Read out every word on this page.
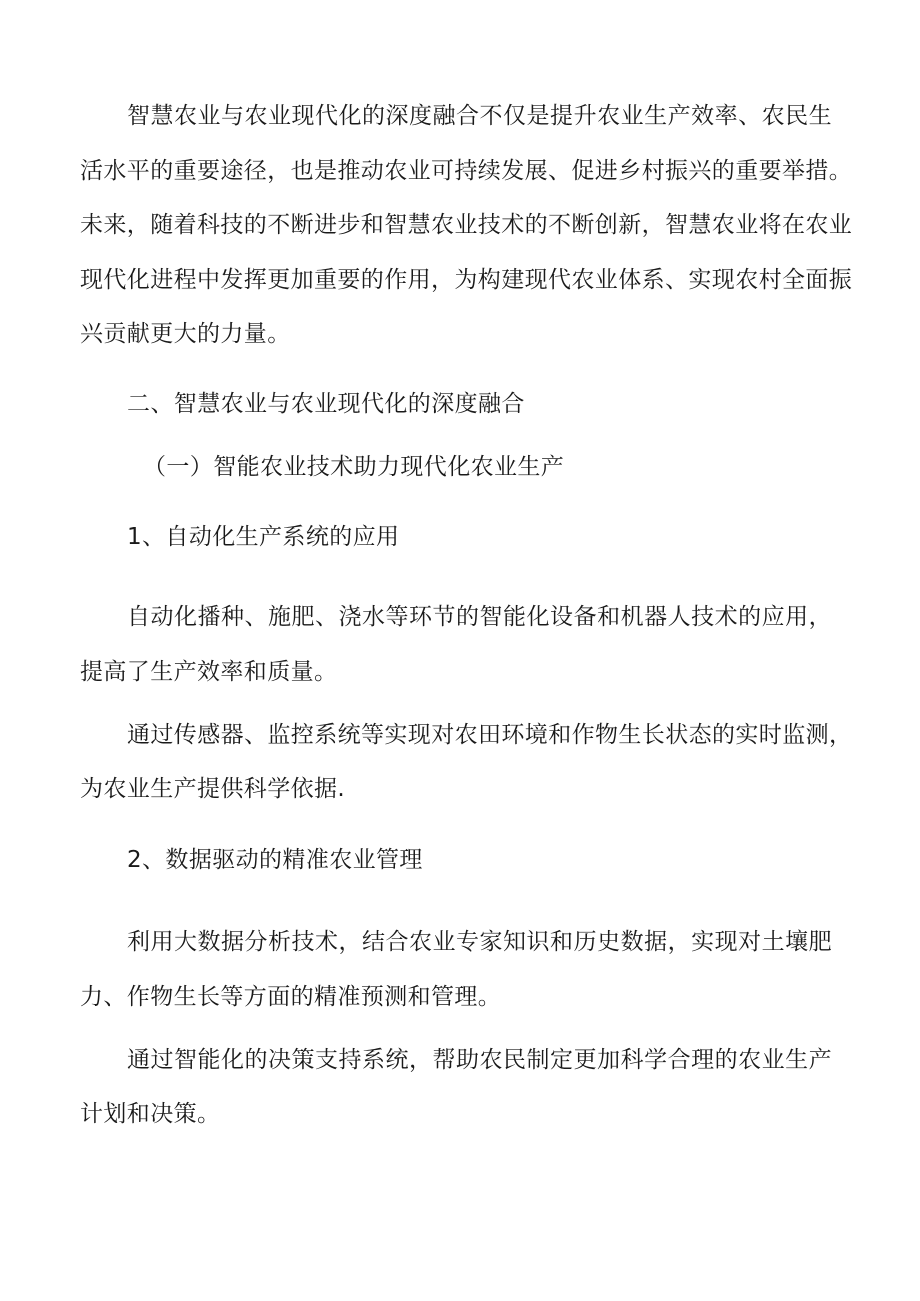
智慧农业与农业现代化的深度融合不仅是提升农业生产效率、农民生

活水平的重要途径，也是推动农业可持续发展、促进乡村振兴的重要举措。

未来，随着科技的不断进步和智慧农业技术的不断创新，智慧农业将在农业

现代化进程中发挥更加重要的作用，为构建现代农业体系、实现农村全面振

兴贡献更大的力量。

二、智慧农业与农业现代化的深度融合

（一）智能农业技术助力现代化农业生产

1、自动化生产系统的应用

自动化播种、施肥、浇水等环节的智能化设备和机器人技术的应用，

提高了生产效率和质量。

通过传感器、监控系统等实现对农田环境和作物生长状态的实时监测，

为农业生产提供科学依据.

2、数据驱动的精准农业管理

利用大数据分析技术，结合农业专家知识和历史数据，实现对土壤肥

力、作物生长等方面的精准预测和管理。

通过智能化的决策支持系统，帮助农民制定更加科学合理的农业生产

计划和决策。
